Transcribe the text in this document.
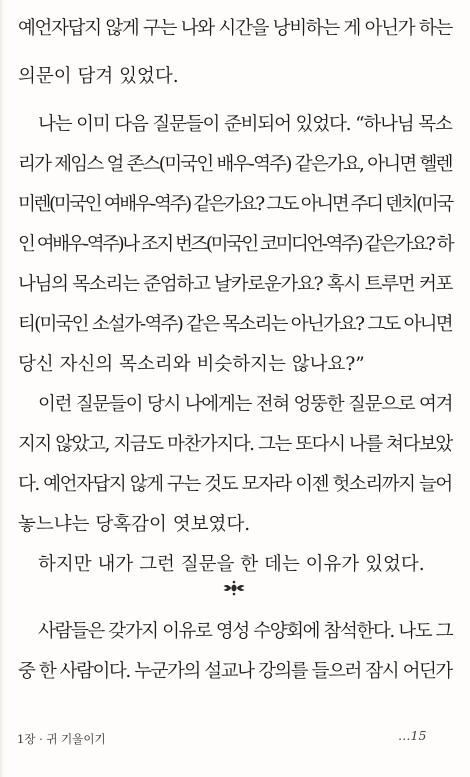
예언자답지 않게 구는 나와 시간을 낭비하는 게 아닌가 하는
의문이 담겨 있었다.
나는 이미 다음 질문들이 준비되어 있었다. “하나님 목소
리가 제임스 얼 존스(미국인 배우-역주) 같은가요, 아니면 헬렌
미렌(미국인 여배우-역주) 같은가요? 그도 아니면 주디 덴치(미국
인 여배우-역주)나 조지 번즈(미국인 코미디언-역주) 같은가요? 하
나님의 목소리는 준엄하고 날카로운가요? 혹시 트루먼 커포
티(미국인 소설가-역주) 같은 목소리는 아닌가요? 그도 아니면
당신 자신의 목소리와 비슷하지는 않나요?”
이런 질문들이 당시 나에게는 전혀 엉뚱한 질문으로 여겨
지지 않았고, 지금도 마찬가지다. 그는 또다시 나를 쳐다보았
다. 예언자답지 않게 구는 것도 모자라 이젠 헛소리까지 늘어
놓느냐는 당혹감이 엿보였다.
하지만 내가 그런 질문을 한 데는 이유가 있었다.
사람들은 갖가지 이유로 영성 수양회에 참석한다. 나도 그
중 한 사람이다. 누군가의 설교나 강의를 들으러 잠시 어딘가
1장 · 귀 기울이기	…15
